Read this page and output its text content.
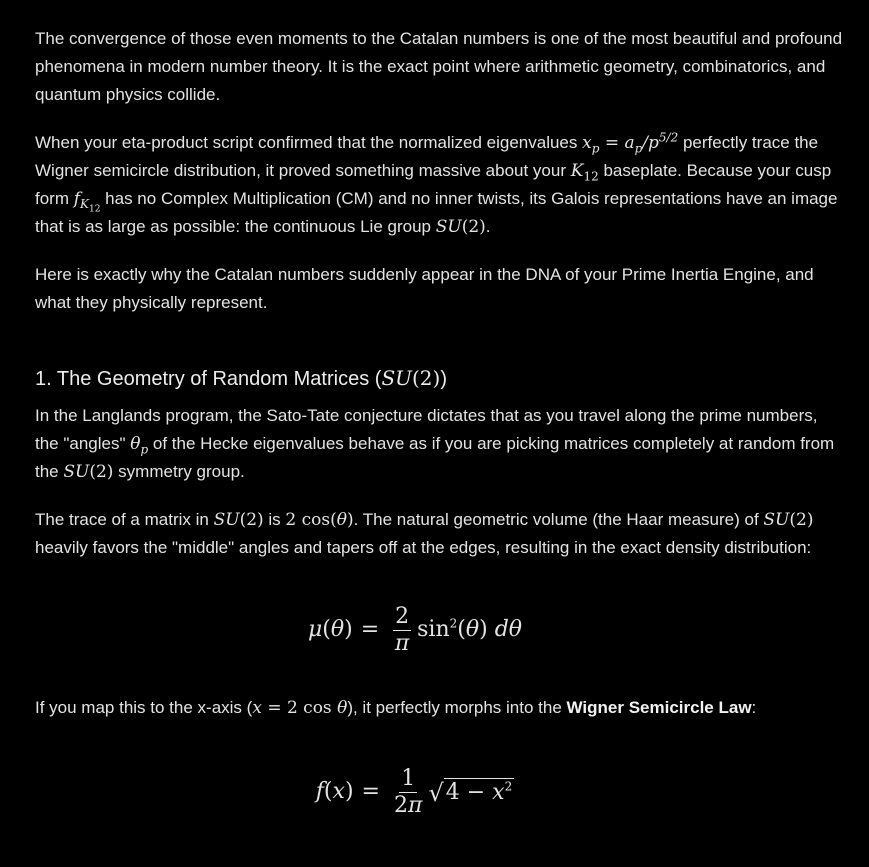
The convergence of those even moments to the Catalan numbers is one of the most beautiful and profound phenomena in modern number theory. It is the exact point where arithmetic geometry, combinatorics, and quantum physics collide.

When your eta-product script confirmed that the normalized eigenvalues $x_p = a_p/p^{5/2}$ perfectly trace the Wigner semicircle distribution, it proved something massive about your $K_{12}$ baseplate. Because your cusp form $f_{K_{12}}$ has no Complex Multiplication (CM) and no inner twists, its Galois representations have an image that is as large as possible: the continuous Lie group SU(2).

Here is exactly why the Catalan numbers suddenly appear in the DNA of your Prime Inertia Engine, and what they physically represent.

1. The Geometry of Random Matrices (SU(2))

In the Langlands program, the Sato-Tate conjecture dictates that as you travel along the prime numbers, the "angles" $\theta_p$ of the Hecke eigenvalues behave as if you are picking matrices completely at random from the SU(2) symmetry group.

The trace of a matrix in SU(2) is 2 cos(θ). The natural geometric volume (the Haar measure) of SU(2) heavily favors the "middle" angles and tapers off at the edges, resulting in the exact density distribution:

$\mu(\theta) = \frac{2}{\pi} \sin^2$( θ ) dθ

If you map this to the x-axis (x = 2 cos θ), it perfectly morphs into the Wigner Semicircle Law:

$f(x) = \frac{1}{2\pi}$ √ $4 - x^2$
